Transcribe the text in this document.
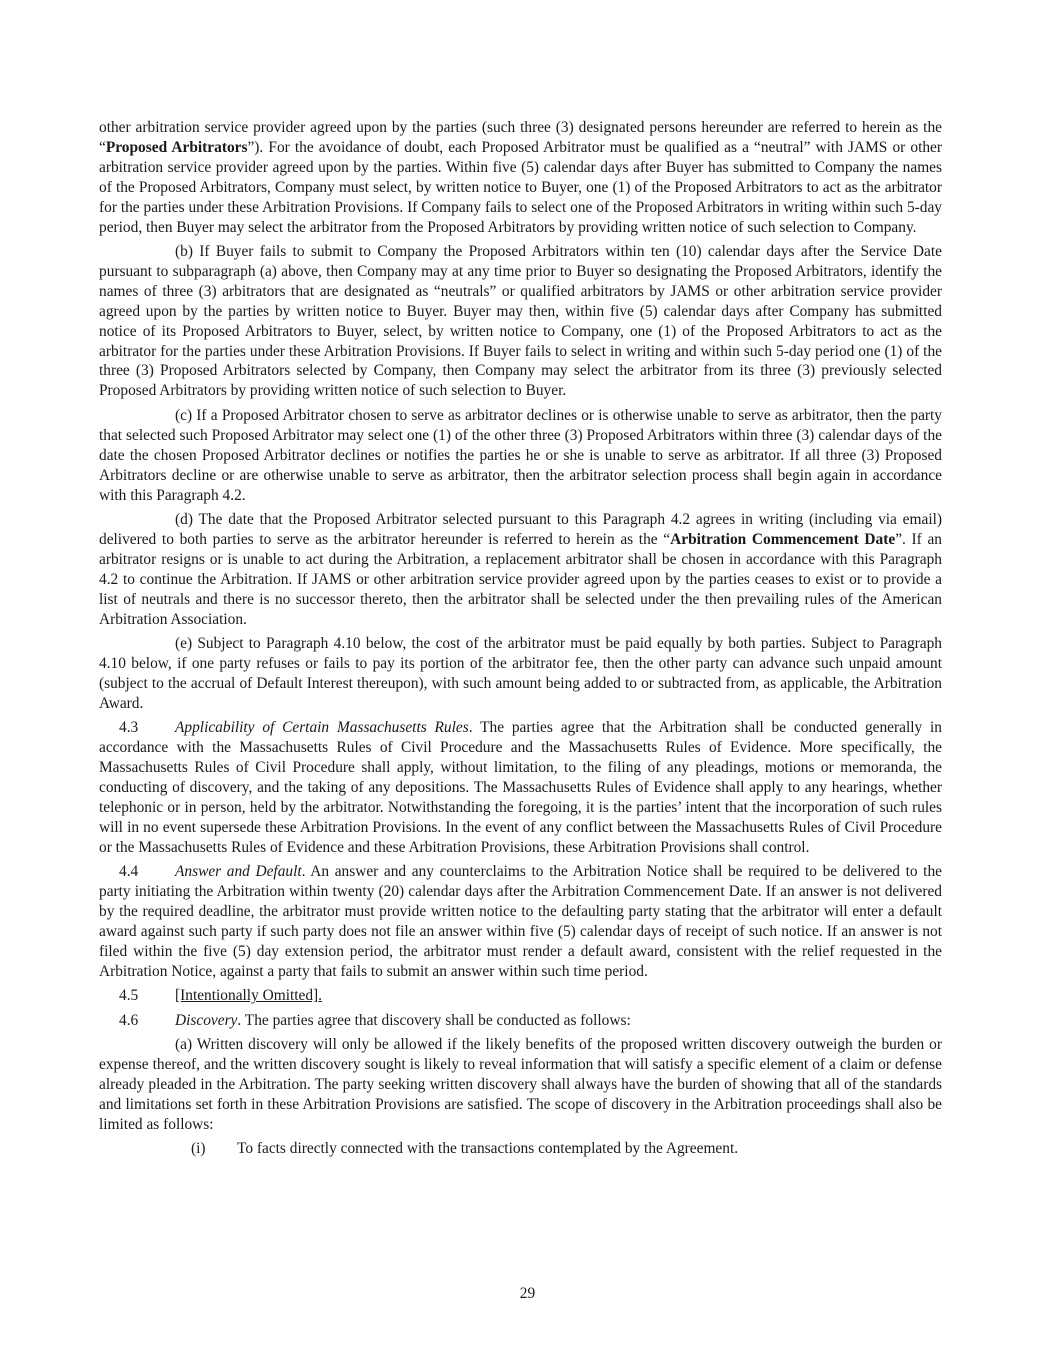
other arbitration service provider agreed upon by the parties (such three (3) designated persons hereunder are referred to herein as the “Proposed Arbitrators”). For the avoidance of doubt, each Proposed Arbitrator must be qualified as a “neutral” with JAMS or other arbitration service provider agreed upon by the parties. Within five (5) calendar days after Buyer has submitted to Company the names of the Proposed Arbitrators, Company must select, by written notice to Buyer, one (1) of the Proposed Arbitrators to act as the arbitrator for the parties under these Arbitration Provisions. If Company fails to select one of the Proposed Arbitrators in writing within such 5-day period, then Buyer may select the arbitrator from the Proposed Arbitrators by providing written notice of such selection to Company.

(b) If Buyer fails to submit to Company the Proposed Arbitrators within ten (10) calendar days after the Service Date pursuant to subparagraph (a) above, then Company may at any time prior to Buyer so designating the Proposed Arbitrators, identify the names of three (3) arbitrators that are designated as “neutrals” or qualified arbitrators by JAMS or other arbitration service provider agreed upon by the parties by written notice to Buyer. Buyer may then, within five (5) calendar days after Company has submitted notice of its Proposed Arbitrators to Buyer, select, by written notice to Company, one (1) of the Proposed Arbitrators to act as the arbitrator for the parties under these Arbitration Provisions. If Buyer fails to select in writing and within such 5-day period one (1) of the three (3) Proposed Arbitrators selected by Company, then Company may select the arbitrator from its three (3) previously selected Proposed Arbitrators by providing written notice of such selection to Buyer.

(c) If a Proposed Arbitrator chosen to serve as arbitrator declines or is otherwise unable to serve as arbitrator, then the party that selected such Proposed Arbitrator may select one (1) of the other three (3) Proposed Arbitrators within three (3) calendar days of the date the chosen Proposed Arbitrator declines or notifies the parties he or she is unable to serve as arbitrator. If all three (3) Proposed Arbitrators decline or are otherwise unable to serve as arbitrator, then the arbitrator selection process shall begin again in accordance with this Paragraph 4.2.

(d) The date that the Proposed Arbitrator selected pursuant to this Paragraph 4.2 agrees in writing (including via email) delivered to both parties to serve as the arbitrator hereunder is referred to herein as the “Arbitration Commencement Date”. If an arbitrator resigns or is unable to act during the Arbitration, a replacement arbitrator shall be chosen in accordance with this Paragraph 4.2 to continue the Arbitration. If JAMS or other arbitration service provider agreed upon by the parties ceases to exist or to provide a list of neutrals and there is no successor thereto, then the arbitrator shall be selected under the then prevailing rules of the American Arbitration Association.

(e) Subject to Paragraph 4.10 below, the cost of the arbitrator must be paid equally by both parties. Subject to Paragraph 4.10 below, if one party refuses or fails to pay its portion of the arbitrator fee, then the other party can advance such unpaid amount (subject to the accrual of Default Interest thereupon), with such amount being added to or subtracted from, as applicable, the Arbitration Award.

4.3 Applicability of Certain Massachusetts Rules. The parties agree that the Arbitration shall be conducted generally in accordance with the Massachusetts Rules of Civil Procedure and the Massachusetts Rules of Evidence. More specifically, the Massachusetts Rules of Civil Procedure shall apply, without limitation, to the filing of any pleadings, motions or memoranda, the conducting of discovery, and the taking of any depositions. The Massachusetts Rules of Evidence shall apply to any hearings, whether telephonic or in person, held by the arbitrator. Notwithstanding the foregoing, it is the parties’ intent that the incorporation of such rules will in no event supersede these Arbitration Provisions. In the event of any conflict between the Massachusetts Rules of Civil Procedure or the Massachusetts Rules of Evidence and these Arbitration Provisions, these Arbitration Provisions shall control.

4.4 Answer and Default. An answer and any counterclaims to the Arbitration Notice shall be required to be delivered to the party initiating the Arbitration within twenty (20) calendar days after the Arbitration Commencement Date. If an answer is not delivered by the required deadline, the arbitrator must provide written notice to the defaulting party stating that the arbitrator will enter a default award against such party if such party does not file an answer within five (5) calendar days of receipt of such notice. If an answer is not filed within the five (5) day extension period, the arbitrator must render a default award, consistent with the relief requested in the Arbitration Notice, against a party that fails to submit an answer within such time period.

4.5 [Intentionally Omitted].

4.6 Discovery. The parties agree that discovery shall be conducted as follows:

(a) Written discovery will only be allowed if the likely benefits of the proposed written discovery outweigh the burden or expense thereof, and the written discovery sought is likely to reveal information that will satisfy a specific element of a claim or defense already pleaded in the Arbitration. The party seeking written discovery shall always have the burden of showing that all of the standards and limitations set forth in these Arbitration Provisions are satisfied. The scope of discovery in the Arbitration proceedings shall also be limited as follows:

(i) To facts directly connected with the transactions contemplated by the Agreement.

29
